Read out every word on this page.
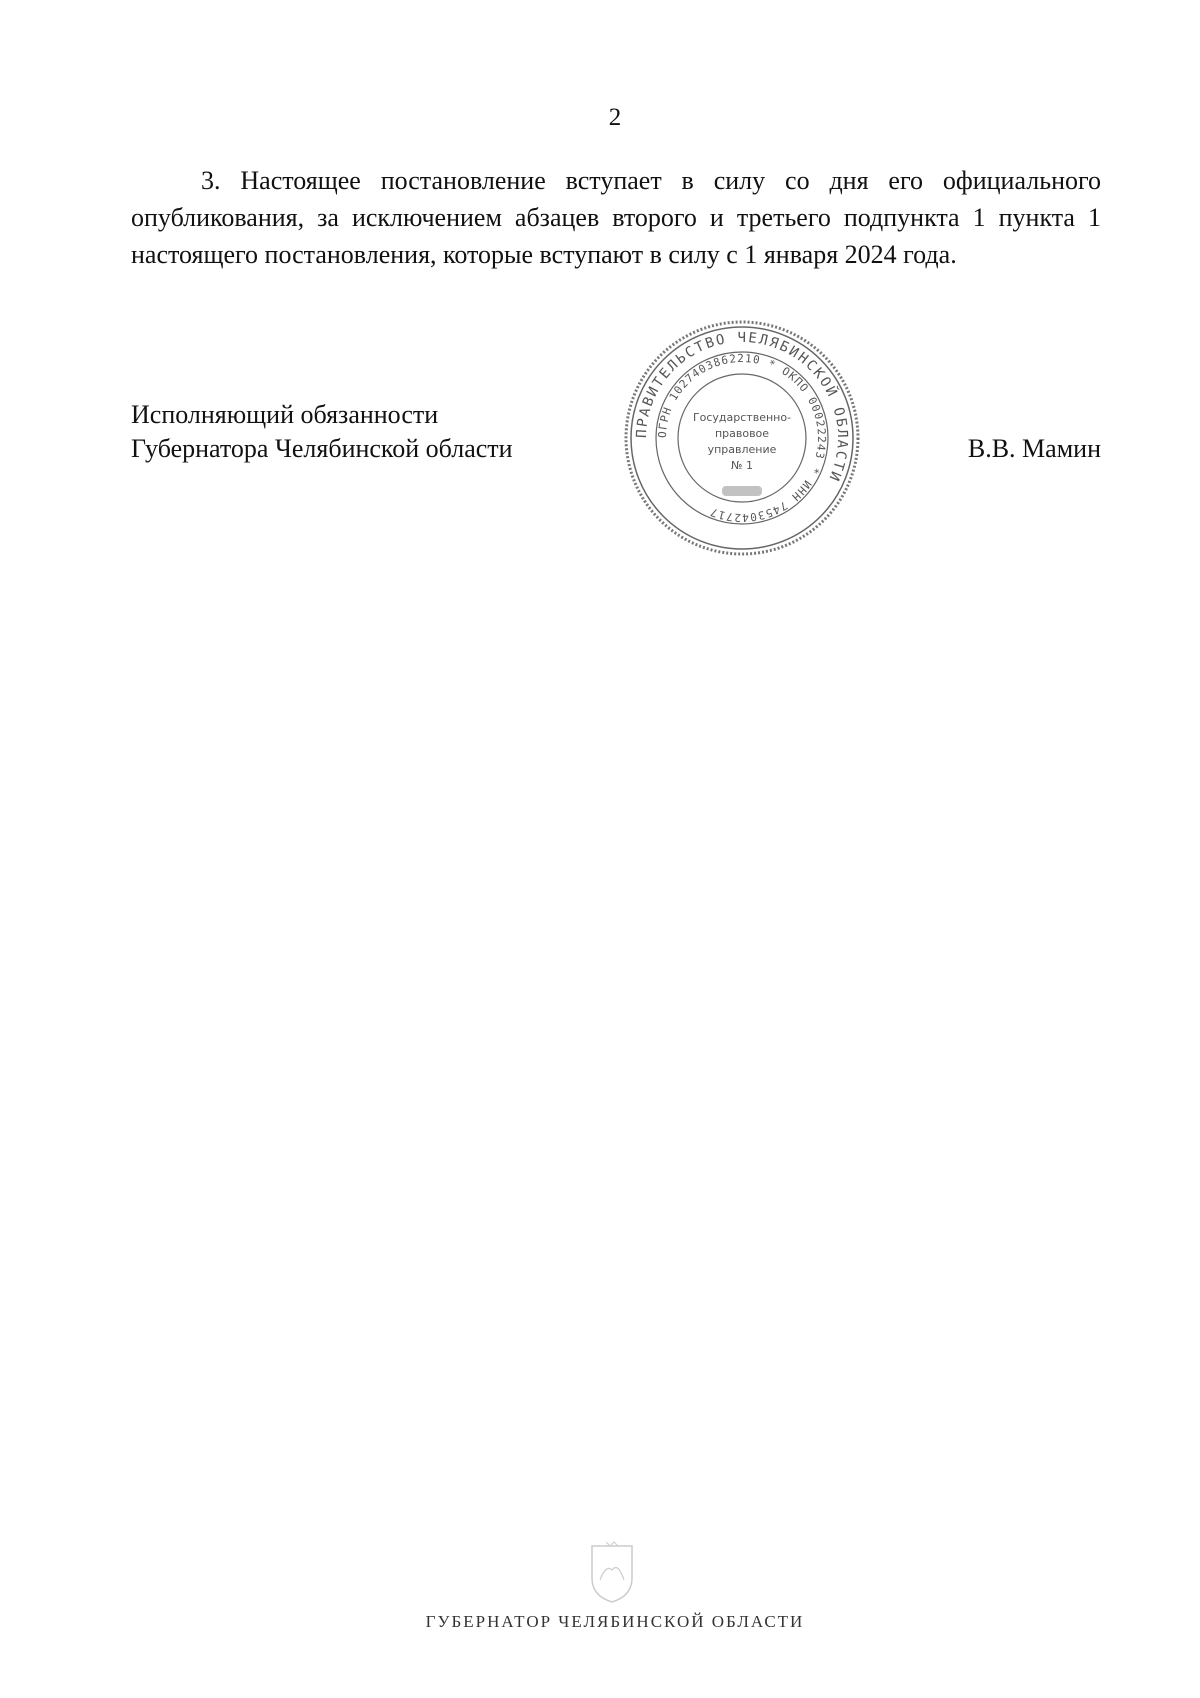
2

3. Настоящее постановление вступает в силу со дня его официального опубликования, за исключением абзацев второго и третьего подпункта 1 пункта 1 настоящего постановления, которые вступают в силу с 1 января 2024 года.

Исполняющий обязанности
Губернатора Челябинской области	В.В. Мамин
ПРАВИТЕЛЬСТВО ЧЕЛЯБИНСКОЙ ОБЛАСТИ
ОГРН 1027403862210 * ОКПО 00022243 * ИНН 7453042717
Государственно-
правовое
управление
№ 1
ГУБЕРНАТОР ЧЕЛЯБИНСКОЙ ОБЛАСТИ
